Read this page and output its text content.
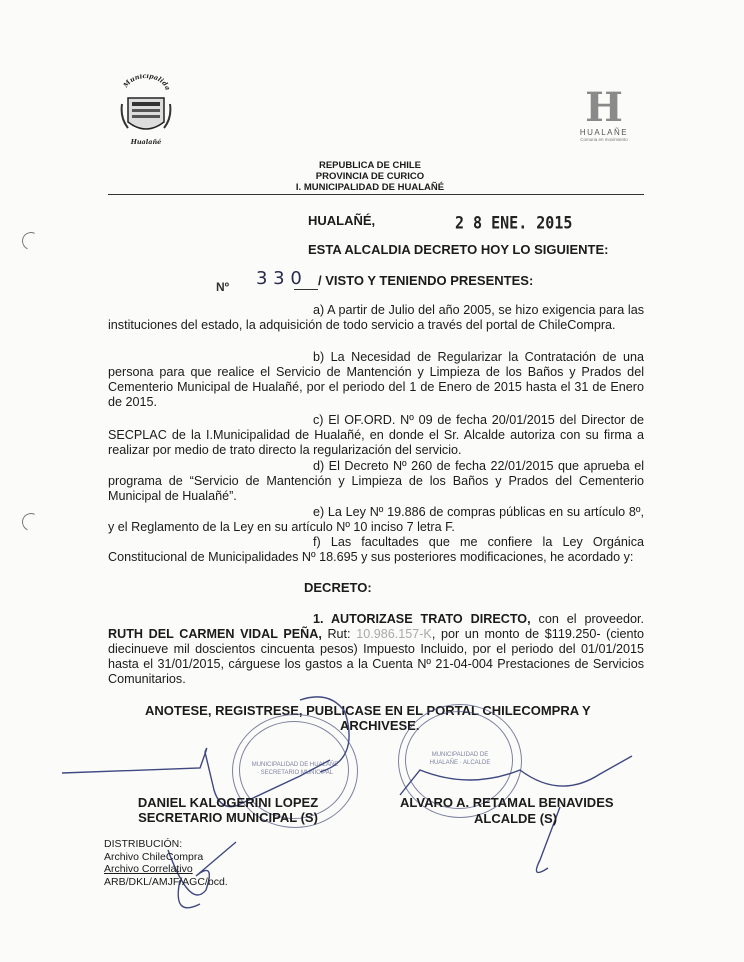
Municipalida
Hualañé
H
HUALAÑE
Comuna en movimiento
REPUBLICA DE CHILE
PROVINCIA DE CURICO
I. MUNICIPALIDAD DE HUALAÑÉ
HUALAÑÉ,	2 8 ENE. 2015
ESTA ALCALDIA DECRETO HOY LO SIGUIENTE:
Nº 3 3 0 / VISTO Y TENIENDO PRESENTES:
a) A partir de Julio del año 2005, se hizo exigencia para las instituciones del estado, la adquisición de todo servicio a través del portal de ChileCompra.
b) La Necesidad de Regularizar la Contratación de una persona para que realice el Servicio de Mantención y Limpieza de los Baños y Prados del Cementerio Municipal de Hualañé, por el periodo del 1 de Enero de 2015 hasta el 31 de Enero de 2015.
c) El OF.ORD. Nº 09 de fecha 20/01/2015 del Director de SECPLAC de la I.Municipalidad de Hualañé, en donde el Sr. Alcalde autoriza con su firma a realizar por medio de trato directo la regularización del servicio.
d) El Decreto Nº 260 de fecha 22/01/2015 que aprueba el programa de “Servicio de Mantención y Limpieza de los Baños y Prados del Cementerio Municipal de Hualañé”.
e) La Ley Nº 19.886 de compras públicas en su artículo 8º, y el Reglamento de la Ley en su artículo Nº 10 inciso 7 letra F.
f) Las facultades que me confiere la Ley Orgánica Constitucional de Municipalidades Nº 18.695 y sus posteriores modificaciones, he acordado y:
DECRETO:
1. AUTORIZASE TRATO DIRECTO, con el proveedor. RUTH DEL CARMEN VIDAL PEÑA, Rut: 10.986.157-K, por un monto de $119.250- (ciento diecinueve mil doscientos cincuenta pesos) Impuesto Incluido, por el periodo del 01/01/2015 hasta el 31/01/2015, cárguese los gastos a la Cuenta Nº 21-04-004 Prestaciones de Servicios Comunitarios.
ANOTESE, REGISTRESE, PUBLICASE EN EL PORTAL CHILECOMPRA Y
ARCHIVESE.
MUNICIPALIDAD DE HUALAÑE · SECRETARIO MUNICIPAL
MUNICIPALIDAD DE HUALAÑE · ALCALDE
DANIEL KALOGERINI LOPEZ
SECRETARIO MUNICIPAL (S)
ALVARO A. RETAMAL BENAVIDES
ALCALDE (S)
DISTRIBUCIÓN:
Archivo ChileCompra
Archivo Correlativo
ARB/DKL/AMJF/AGC/bcd.
